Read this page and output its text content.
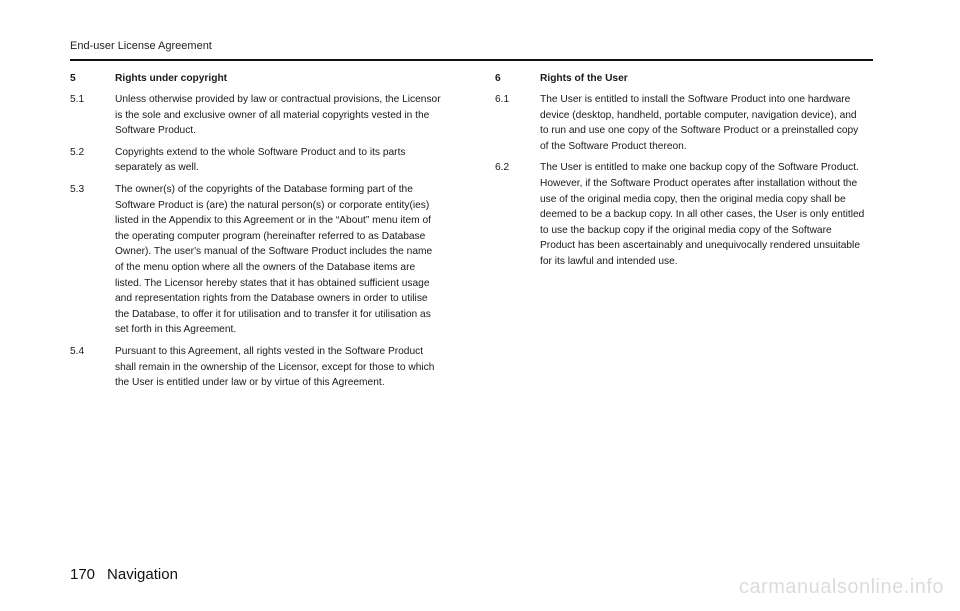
End-user License Agreement
5	Rights under copyright
5.1	Unless otherwise provided by law or contractual provisions, the Licensor is the sole and exclusive owner of all material copyrights vested in the Software Product.
5.2	Copyrights extend to the whole Software Product and to its parts separately as well.
5.3	The owner(s) of the copyrights of the Database forming part of the Software Product is (are) the natural person(s) or corporate entity(ies) listed in the Appendix to this Agreement or in the “About” menu item of the operating computer program (hereinafter referred to as Database Owner). The user's manual of the Software Product includes the name of the menu option where all the owners of the Database items are listed. The Licensor hereby states that it has obtained sufficient usage and representation rights from the Database owners in order to utilise the Database, to offer it for utilisation and to transfer it for utilisation as set forth in this Agreement.
5.4	Pursuant to this Agreement, all rights vested in the Software Product shall remain in the ownership of the Licensor, except for those to which the User is entitled under law or by virtue of this Agreement.
6	Rights of the User
6.1	The User is entitled to install the Software Product into one hardware device (desktop, handheld, portable computer, navigation device), and to run and use one copy of the Software Product or a preinstalled copy of the Software Product thereon.
6.2	The User is entitled to make one backup copy of the Software Product. However, if the Software Product operates after installation without the use of the original media copy, then the original media copy shall be deemed to be a backup copy. In all other cases, the User is only entitled to use the backup copy if the original media copy of the Software Product has been ascertainably and unequivocally rendered unsuitable for its lawful and intended use.
170 Navigation
carmanualsonline.info
